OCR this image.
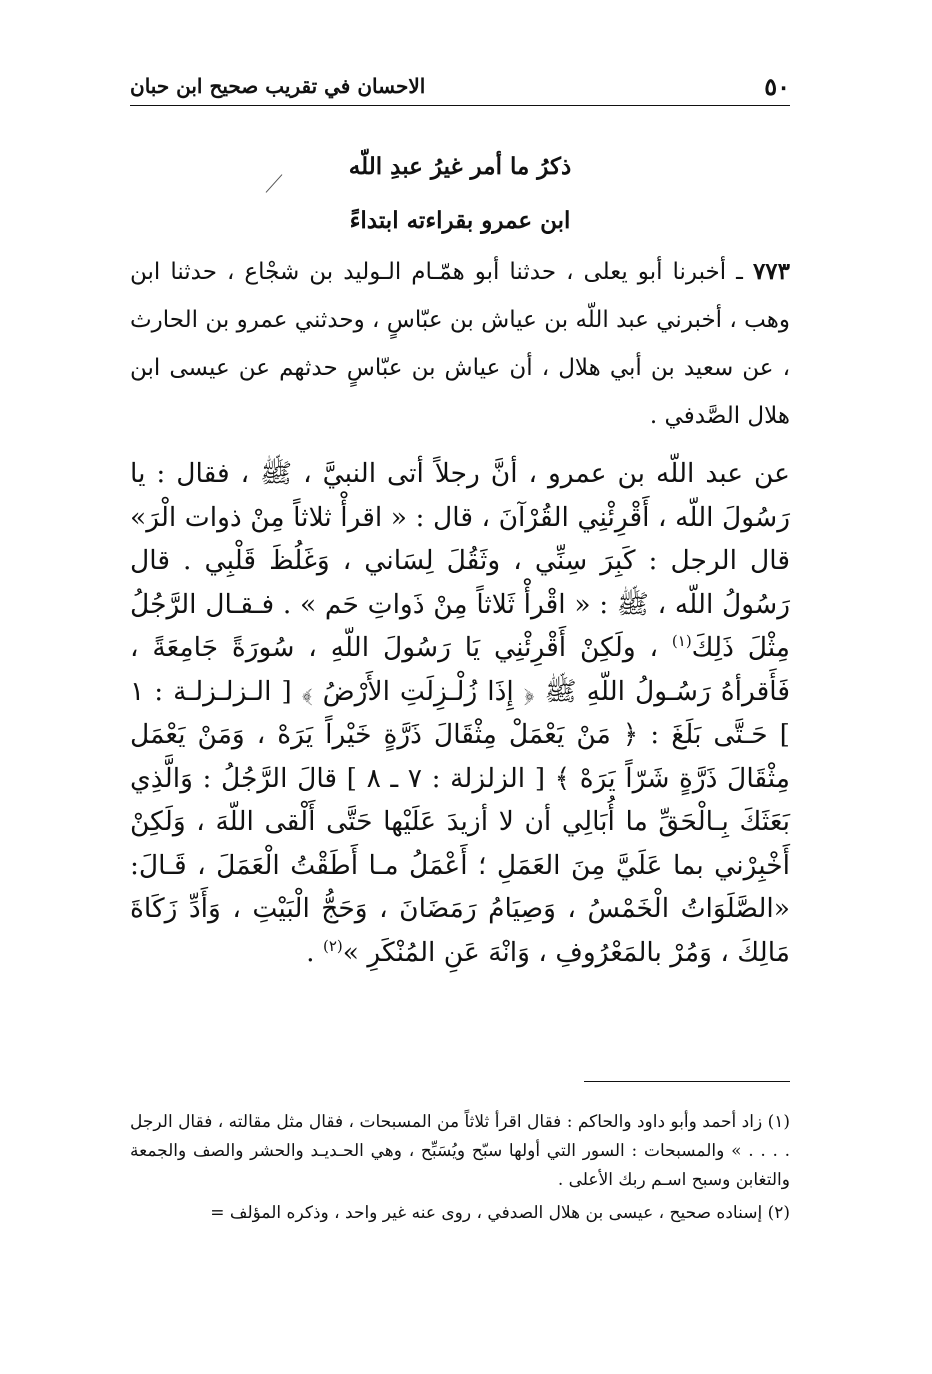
٥٠
الاحسان في تقريب صحيح ابن حبان
ذكرُ ما أمر غيرُ عبدِ اللّه
ابن عمرو بقراءته ابتداءً

٧٧٣ ـ أخبرنا أبو يعلى ، حدثنا أبو همّـام الـوليد بن شجْاع ، حدثنا ابن وهب ، أخبرني عبد اللّه بن عياش بن عبّاسٍ ، وحدثني عمرو بن الحارث ، عن سعيد بن أبي هلال ، أن عياش بن عبّاسٍ حدثهم عن عيسى ابن هلال الصَّدفي .

عن عبد اللّه بن عمرو ، أنَّ رجلاً أتى النبيَّ ، ﷺ ، فقال : يا رَسُولَ اللّه ، أَقْرِئْنِي القُرْآنَ ، قال : « اقرأْ ثلاثاً مِنْ ذوات الْرَ» قال الرجل : كَبِرَ سِنِّي ، وثَقُلَ لِسَاني ، وَغَلُظَ قَلْبِي . قال رَسُولُ اللّه ، ﷺ : « اقْرأْ ثَلاثاً مِنْ ذَواتِ حَم » . فـقـال الرَّجُلُ مِثْلَ ذَلِكَ$^{(١)}$ ، ولَكِنْ أَقْرِئْنِي يَا رَسُولَ اللّهِ ، سُورَةً جَامِعَةً ، فَأَقرأهُ رَسُـولُ اللّهِ ﷺ ﴿ إِذَا زُلْـزِلَتِ الأَرْضُ ﴾ [ الـزلـزلـة : ١ ] حَـتَّى بَلَغَ : ﴿ مَنْ يَعْمَلْ مِثْقَالَ ذَرَّةٍ خَيْراً يَرَهْ ، وَمَنْ يَعْمَل مِثْقَالَ ذَرَّةٍ شَرّاً يَرَهْ ﴾ [ الزلزلة : ٧ ـ ٨ ] قالَ الرَّجُلُ : وَالَّذِي بَعَثَكَ بِـالْحَقِّ ما أُبَالِي أن لا أزيدَ عَلَيْها حَتَّى أَلْقى اللّهَ ، وَلَكِنْ أَخْبِرْني بما عَلَيَّ مِنَ العَمَلِ ؛ أَعْمَلُ مـا أَطَقْتُ الْعَمَلَ ، قَـالَ: «الصَّلَوَاتُ الْخَمْسُ ، وَصِيَامُ رَمَضَانَ ، وَحَجُّ الْبَيْتِ ، وَأَدِّ زَكَاةَ مَالِكَ ، وَمُرْ بالمَعْرُوفِ ، وَانْهَ عَنِ المُنْكَرِ »$^{(٢)}$ .

(١) زاد أحمد وأبو داود والحاكم : فقال اقرأ ثلاثاً من المسبحات ، فقال مثل مقالته ، فقال الرجل . . . . » والمسبحات : السور التي أولها سبّح ويُسَبِّح ، وهي الحـديـد والحشر والصف والجمعة والتغابن وسبح اسـم ربك الأعلى .

(٢) إسناده صحيح ، عيسى بن هلال الصدفي ، روى عنه غير واحد ، وذكره المؤلف =
